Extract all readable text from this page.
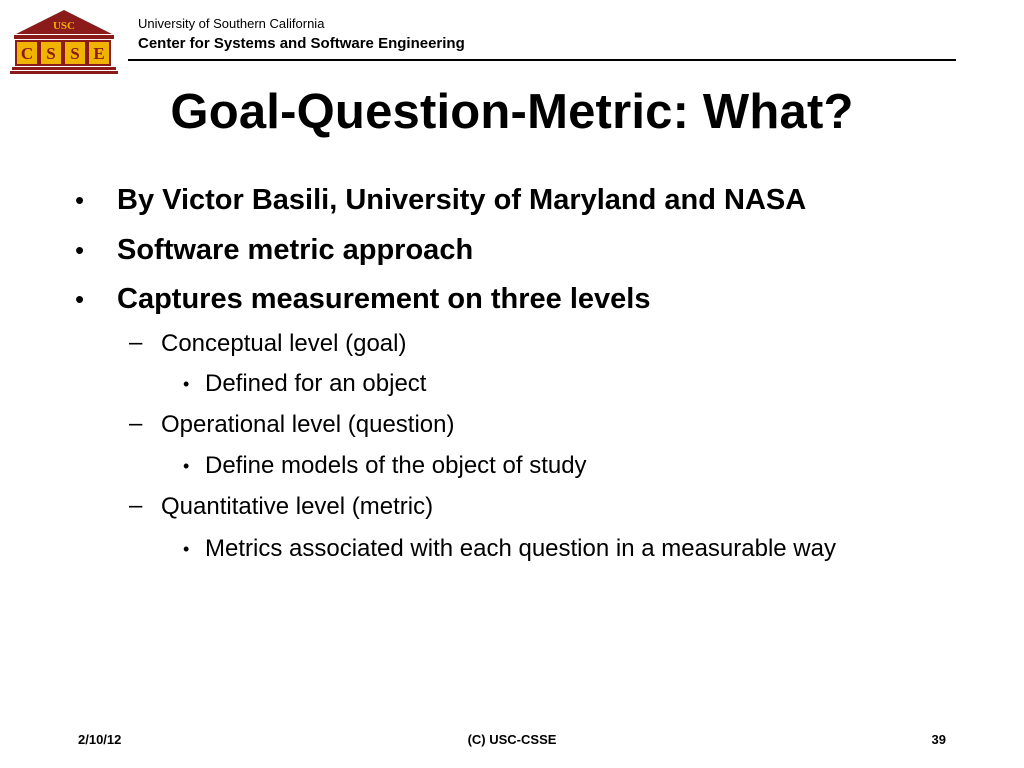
USC
C S S E
University of Southern California
Center for Systems and Software Engineering
Goal-Question-Metric: What?
• By Victor Basili, University of Maryland and NASA
• Software metric approach
• Captures measurement on three levels
– Conceptual level (goal)
• Defined for an object
– Operational level (question)
• Define models of the object of study
– Quantitative level (metric)
• Metrics associated with each question in a measurable way
2/10/12	(C) USC-CSSE	39
